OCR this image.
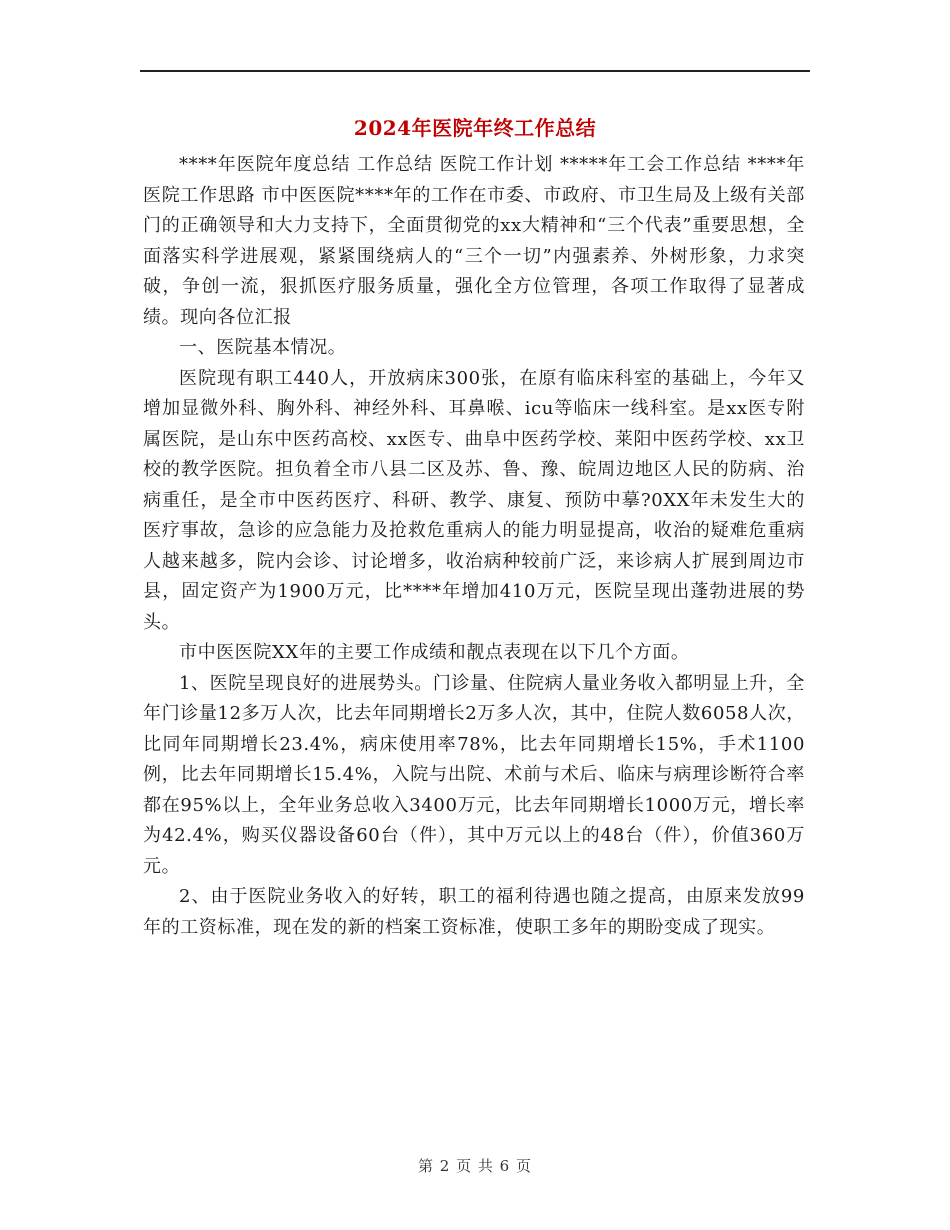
2024年医院年终工作总结

****年医院年度总结 工作总结 医院工作计划 *****年工会工作总结 ****年医院工作思路 市中医医院****年的工作在市委、市政府、市卫生局及上级有关部门的正确领导和大力支持下，全面贯彻党的xx大精神和“三个代表”重要思想，全面落实科学进展观，紧紧围绕病人的“三个一切”内强素养、外树形象，力求突破，争创一流，狠抓医疗服务质量，强化全方位管理，各项工作取得了显著成绩。现向各位汇报

一、医院基本情况。

医院现有职工440人，开放病床300张，在原有临床科室的基础上，今年又增加显微外科、胸外科、神经外科、耳鼻喉、icu等临床一线科室。是xx医专附属医院，是山东中医药高校、xx医专、曲阜中医药学校、莱阳中医药学校、xx卫校的教学医院。担负着全市八县二区及苏、鲁、豫、皖周边地区人民的防病、治病重任，是全市中医药医疗、科研、教学、康复、预防中摹?0XX年未发生大的医疗事故，急诊的应急能力及抢救危重病人的能力明显提高，收治的疑难危重病人越来越多，院内会诊、讨论增多，收治病种较前广泛，来诊病人扩展到周边市县，固定资产为1900万元，比****年增加410万元，医院呈现出蓬勃进展的势头。

市中医医院XX年的主要工作成绩和靓点表现在以下几个方面。

1、医院呈现良好的进展势头。门诊量、住院病人量业务收入都明显上升，全年门诊量12多万人次，比去年同期增长2万多人次，其中，住院人数6058人次，比同年同期增长23.4%，病床使用率78%，比去年同期增长15%，手术1100例，比去年同期增长15.4%，入院与出院、术前与术后、临床与病理诊断符合率都在95%以上，全年业务总收入3400万元，比去年同期增长1000万元，增长率为42.4%，购买仪器设备60台（件），其中万元以上的48台（件），价值360万元。

2、由于医院业务收入的好转，职工的福利待遇也随之提高，由原来发放99年的工资标准，现在发的新的档案工资标准，使职工多年的期盼变成了现实。

第 2 页 共 6 页
